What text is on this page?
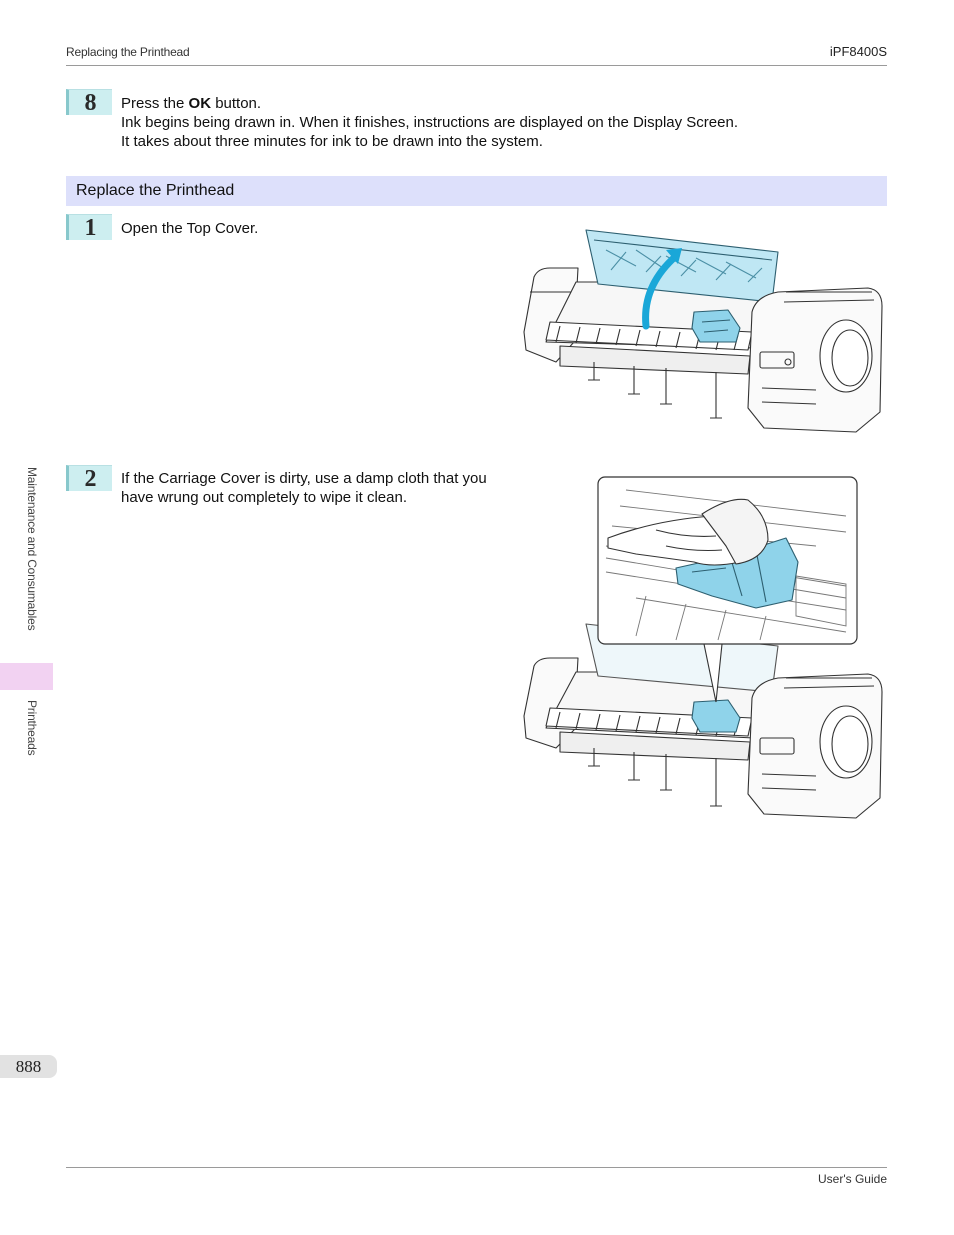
Replacing the Printhead	iPF8400S
8	Press the OK button.

Ink begins being drawn in. When it finishes, instructions are displayed on the Display Screen.

It takes about three minutes for ink to be drawn into the system.

Replace the Printhead
1	Open the Top Cover.
2	If the Carriage Cover is dirty, use a damp cloth that you

have wrung out completely to wipe it clean.

Maintenance and Consumables
Printheads
888
User's Guide
